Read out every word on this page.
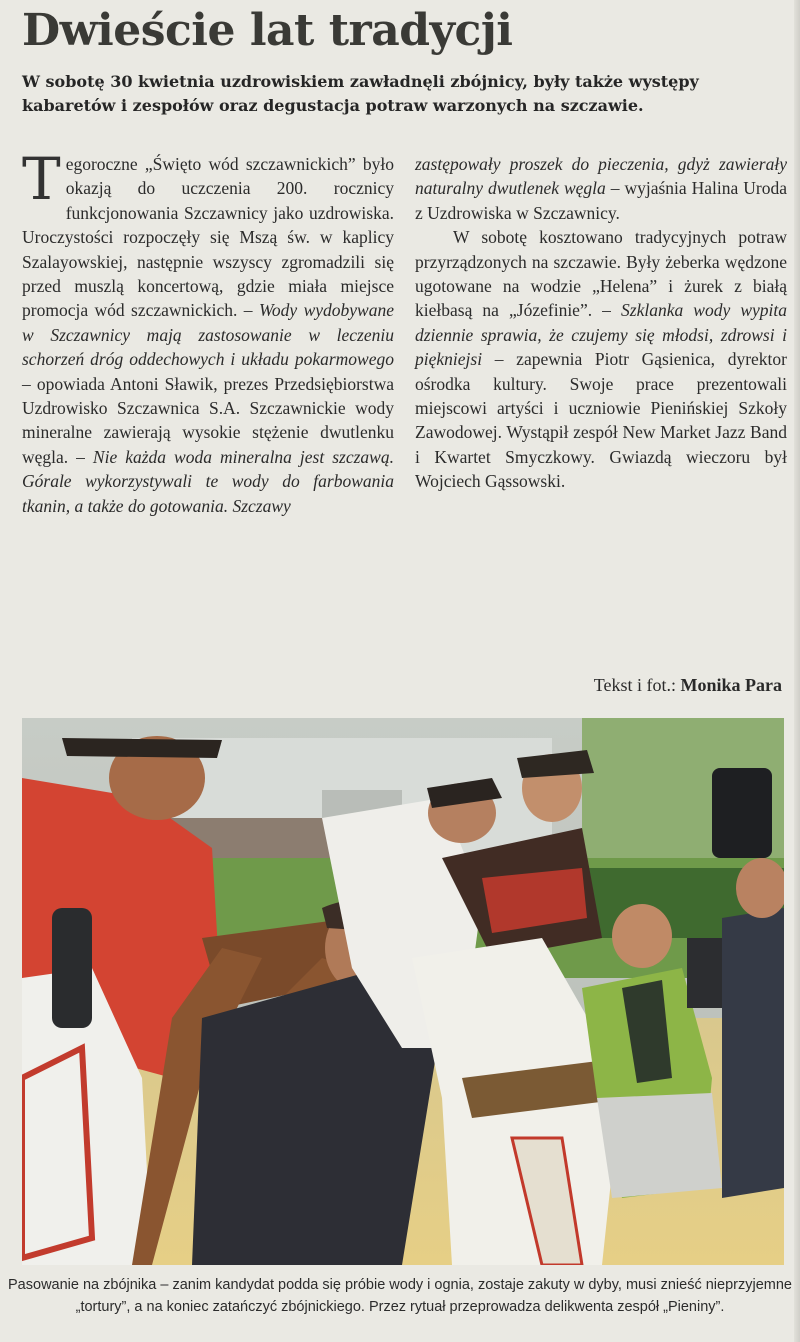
Dwieście lat tradycji

W sobotę 30 kwietnia uzdrowiskiem zawładnęli zbójnicy, były także występy kabaretów i zespołów oraz degustacja potraw warzonych na szczawie.

Tegoroczne „Święto wód szczawnickich” było okazją do uczczenia 200. rocznicy funkcjonowania Szczawnicy jako uzdrowiska. Uroczystości rozpoczęły się Mszą św. w kaplicy Szalayowskiej, następnie wszyscy zgromadzili się przed muszlą koncertową, gdzie miała miejsce promocja wód szczawnickich. – Wody wydobywane w Szczawnicy mają zastosowanie w leczeniu schorzeń dróg oddechowych i układu pokarmowego – opowiada Antoni Sławik, prezes Przedsiębiorstwa Uzdrowisko Szczawnica S.A. Szczawnickie wody mineralne zawierają wysokie stężenie dwutlenku węgla. – Nie każda woda mineralna jest szczawą. Górale wykorzystywali te wody do farbowania tkanin, a także do gotowania. Szczawy

zastępowały proszek do pieczenia, gdyż zawierały naturalny dwutlenek węgla – wyjaśnia Halina Uroda z Uzdrowiska w Szczawnicy.

W sobotę kosztowano tradycyjnych potraw przyrządzonych na szczawie. Były żeberka wędzone ugotowane na wodzie „Helena” i żurek z białą kiełbasą na „Józefinie”. – Szklanka wody wypita dziennie sprawia, że czujemy się młodsi, zdrowsi i piękniejsi – zapewnia Piotr Gąsienica, dyrektor ośrodka kultury. Swoje prace prezentowali miejscowi artyści i uczniowie Pienińskiej Szkoły Zawodowej. Wystąpił zespół New Market Jazz Band i Kwartet Smyczkowy. Gwiazdą wieczoru był Wojciech Gąssowski.

Tekst i fot.: Monika Para

Pasowanie na zbójnika – zanim kandydat podda się próbie wody i ognia, zostaje zakuty w dyby, musi znieść nieprzyjemne „tortury”, a na koniec zatańczyć zbójnickiego. Przez rytuał przeprowadza delikwenta zespół „Pieniny”.
